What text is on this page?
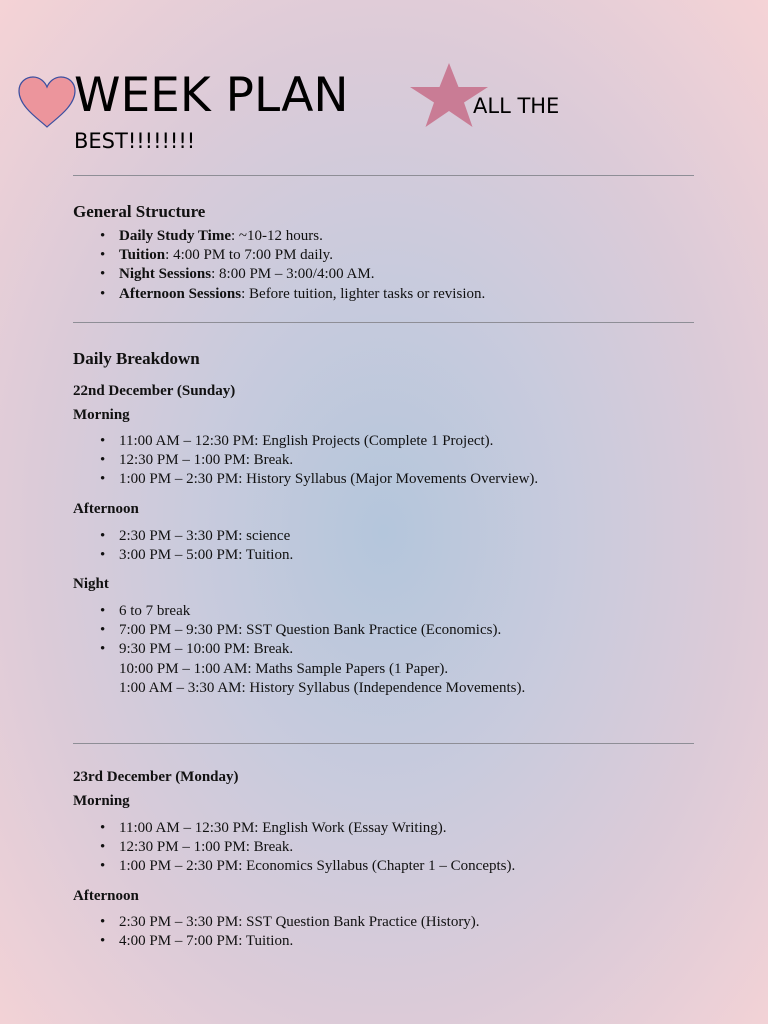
WEEK PLAN	ALL THE
BEST!!!!!!!!
General Structure
• Daily Study Time: ~10-12 hours.
• Tuition: 4:00 PM to 7:00 PM daily.
• Night Sessions: 8:00 PM – 3:00/4:00 AM.
• Afternoon Sessions: Before tuition, lighter tasks or revision.
Daily Breakdown
22nd December (Sunday)
Morning
• 11:00 AM – 12:30 PM: English Projects (Complete 1 Project).
• 12:30 PM – 1:00 PM: Break.
• 1:00 PM – 2:30 PM: History Syllabus (Major Movements Overview).
Afternoon
• 2:30 PM – 3:30 PM: science
• 3:00 PM – 5:00 PM: Tuition.
Night
• 6 to 7 break
• 7:00 PM – 9:30 PM: SST Question Bank Practice (Economics).
• 9:30 PM – 10:00 PM: Break.
10:00 PM – 1:00 AM: Maths Sample Papers (1 Paper).
1:00 AM – 3:30 AM: History Syllabus (Independence Movements).
23rd December (Monday)
Morning
• 11:00 AM – 12:30 PM: English Work (Essay Writing).
• 12:30 PM – 1:00 PM: Break.
• 1:00 PM – 2:30 PM: Economics Syllabus (Chapter 1 – Concepts).
Afternoon
• 2:30 PM – 3:30 PM: SST Question Bank Practice (History).
• 4:00 PM – 7:00 PM: Tuition.
